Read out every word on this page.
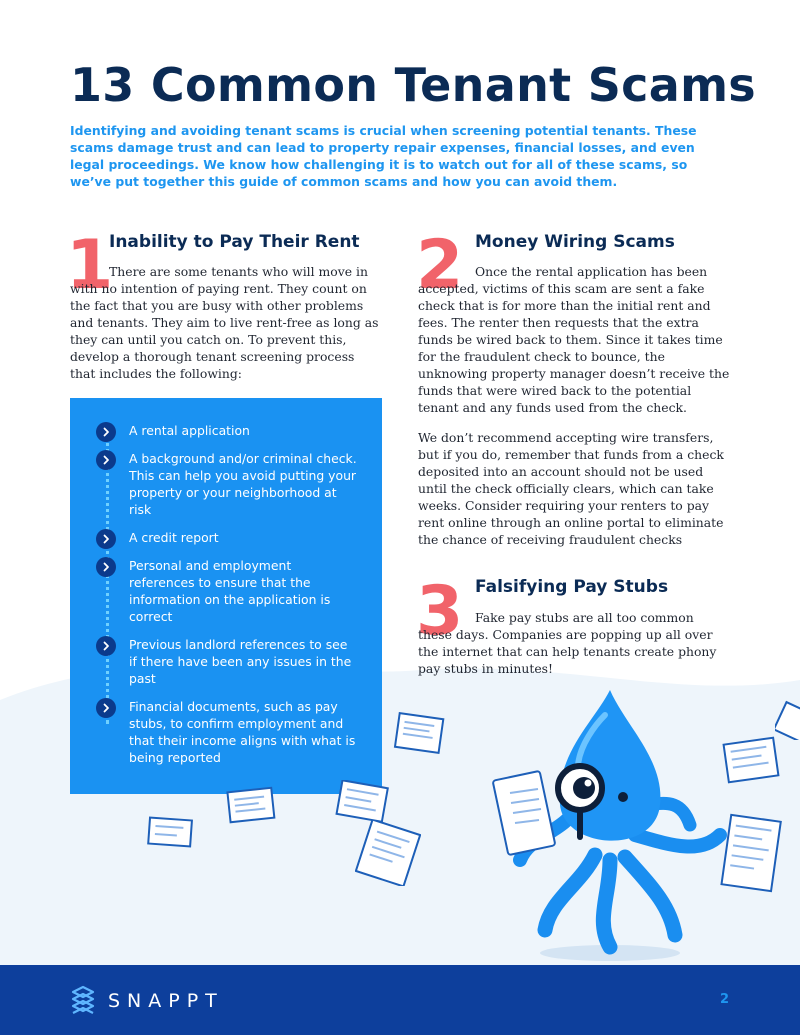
13 Common Tenant Scams

Identifying and avoiding tenant scams is crucial when screening potential tenants. These scams damage trust and can lead to property repair expenses, financial losses, and even legal proceedings. We know how challenging it is to watch out for all of these scams, so we’ve put together this guide of common scams and how you can avoid them.

1
Inability to Pay Their Rent

There are some tenants who will move in with no intention of paying rent. They count on the fact that you are busy with other problems and tenants. They aim to live rent-free as long as they can until you catch on. To prevent this, develop a thorough tenant screening process that includes the following:

A rental application
A background and/or criminal check. This can help you avoid putting your property or your neighborhood at risk
A credit report
Personal and employment references to ensure that the information on the application is correct
Previous landlord references to see if there have been any issues in the past
Financial documents, such as pay stubs, to confirm employment and that their income aligns with what is being reported
2 Money Wiring Scams

Once the rental application has been accepted, victims of this scam are sent a fake check that is for more than the initial rent and fees. The renter then requests that the extra funds be wired back to them. Since it takes time for the fraudulent check to bounce, the unknowing property manager doesn’t receive the funds that were wired back to the potential tenant and any funds used from the check.

We don’t recommend accepting wire transfers, but if you do, remember that funds from a check deposited into an account should not be used until the check officially clears, which can take weeks. Consider requiring your renters to pay rent online through an online portal to eliminate the chance of receiving fraudulent checks

3 Falsifying Pay Stubs

Fake pay stubs are all too common these days. Companies are popping up all over the internet that can help tenants create phony pay stubs in minutes!

SNAPPT	2
